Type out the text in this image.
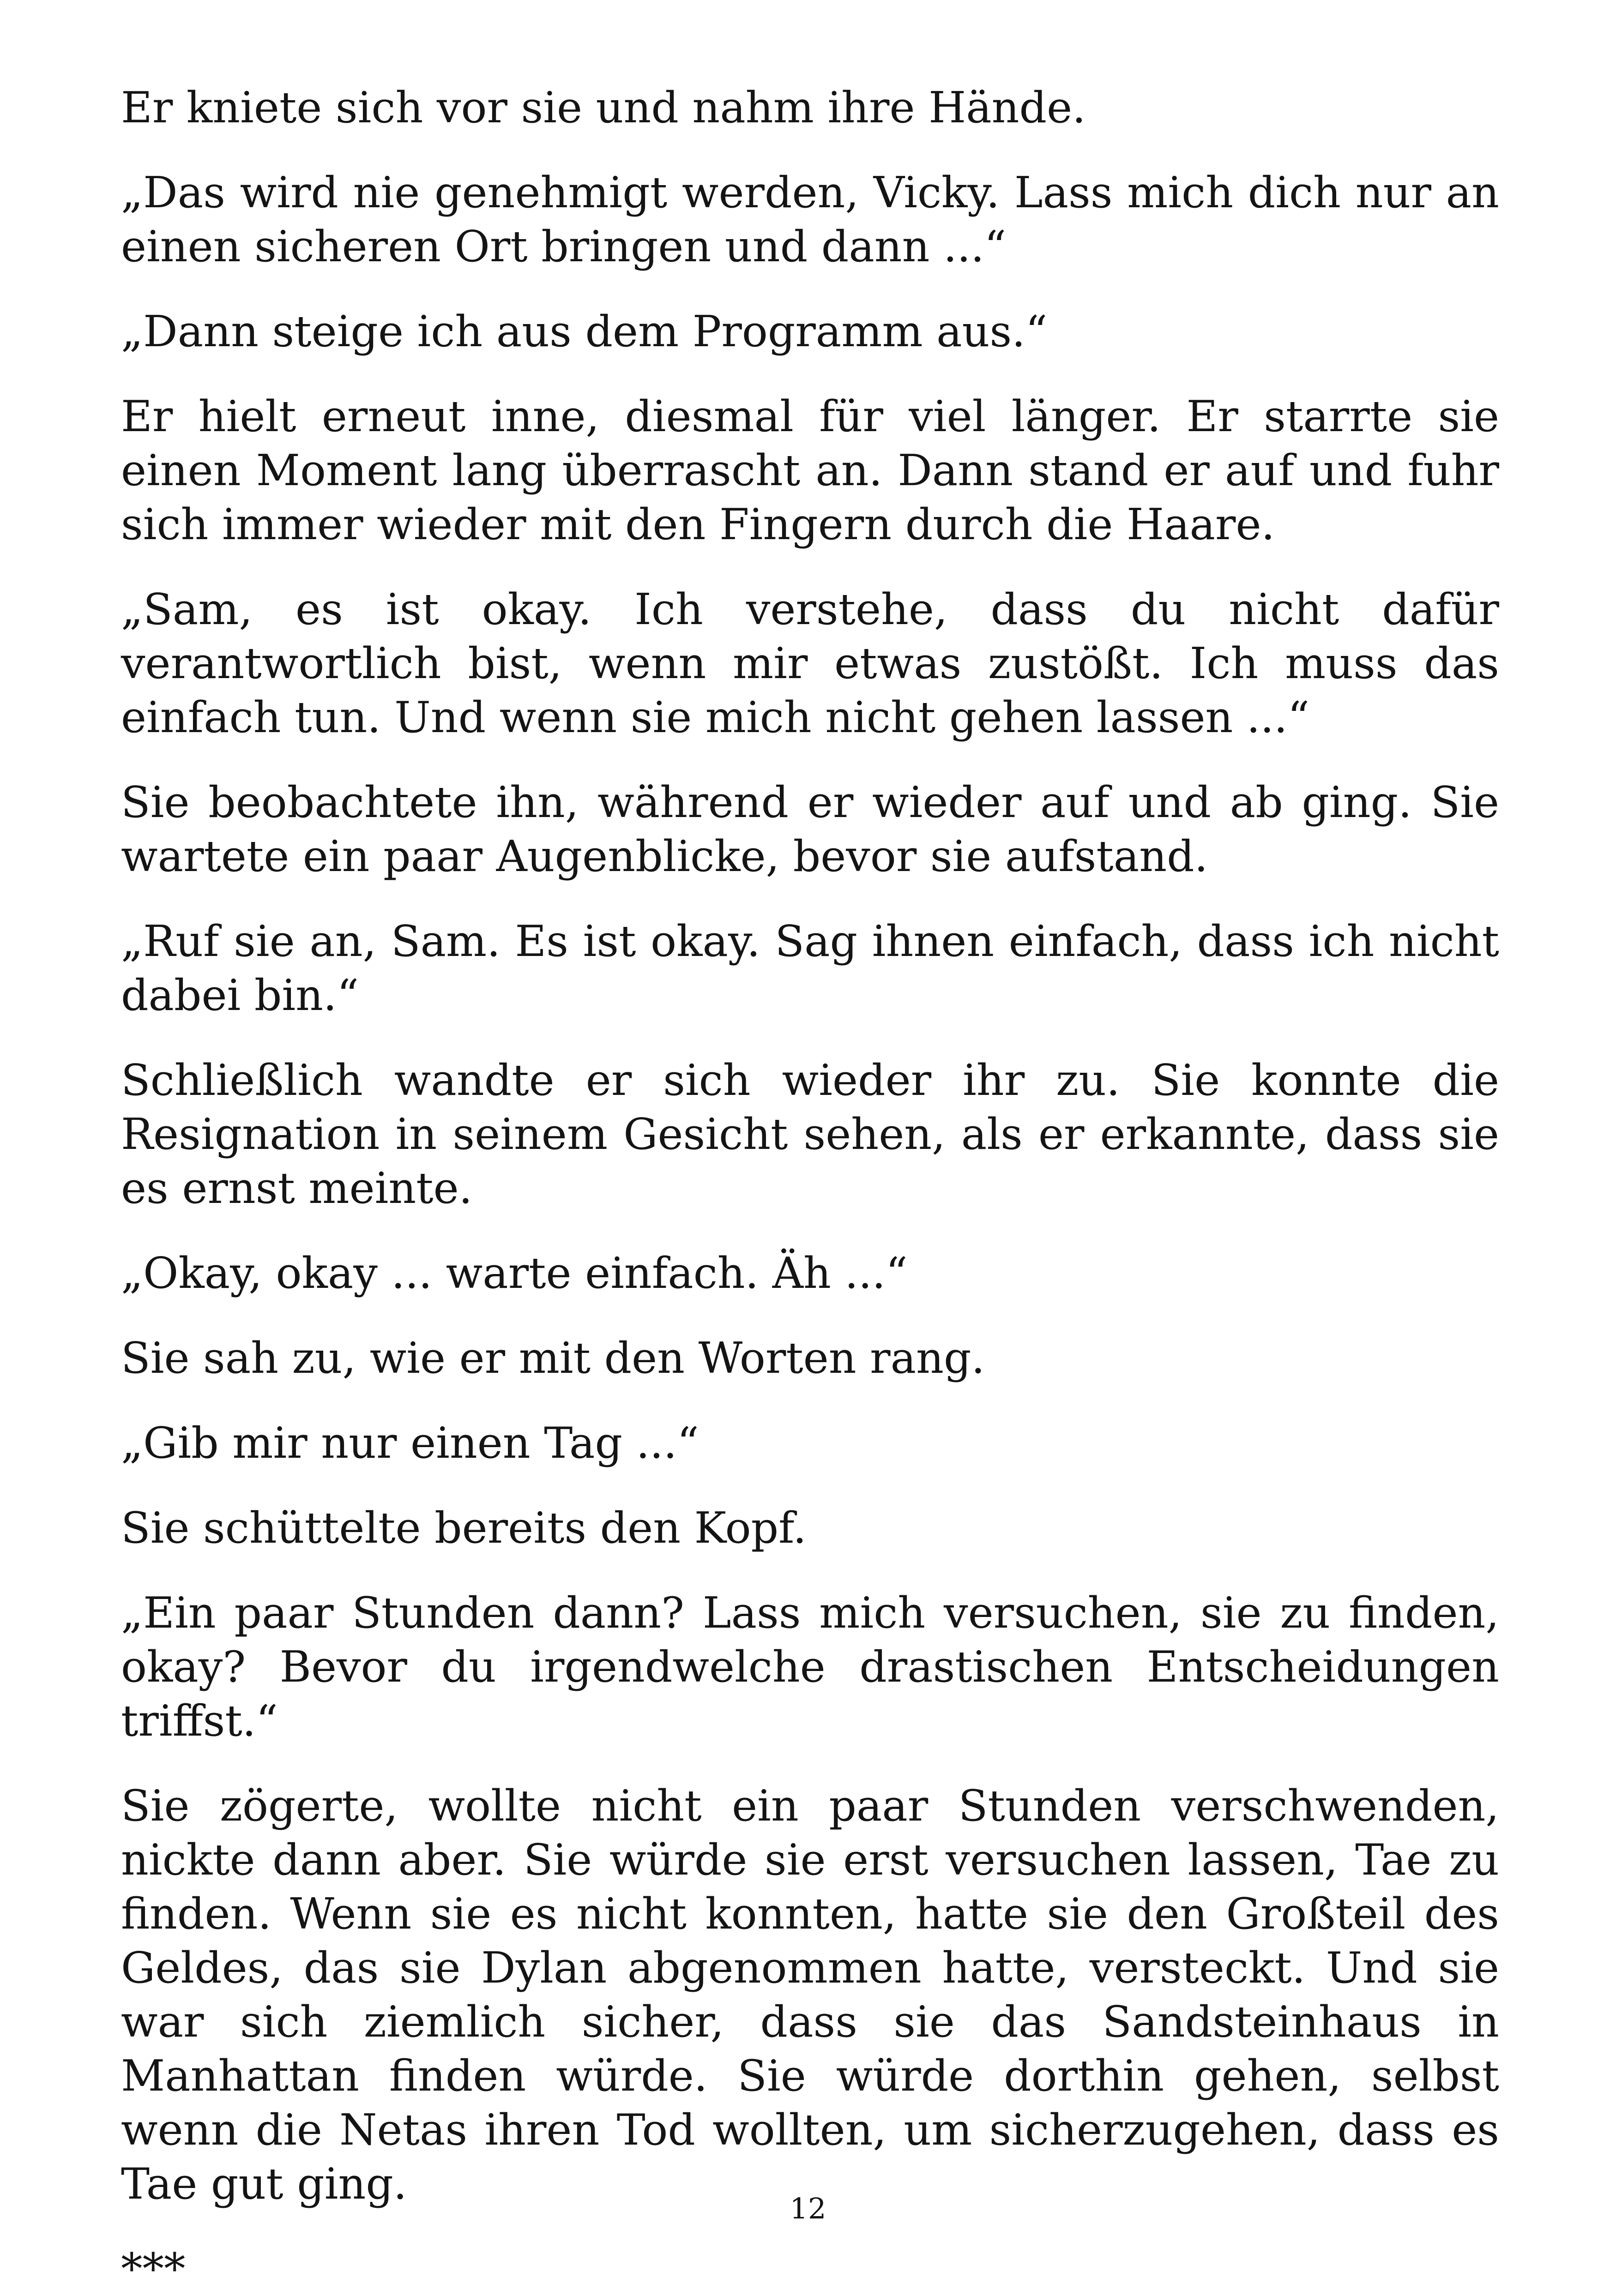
Er kniete sich vor sie und nahm ihre Hände.

„Das wird nie genehmigt werden, Vicky. Lass mich dich nur an einen sicheren Ort bringen und dann ...“

„Dann steige ich aus dem Programm aus.“

Er hielt erneut inne, diesmal für viel länger. Er starrte sie einen Moment lang überrascht an. Dann stand er auf und fuhr sich immer wieder mit den Fingern durch die Haare.

„Sam, es ist okay. Ich verstehe, dass du nicht dafür verantwortlich bist, wenn mir etwas zustößt. Ich muss das einfach tun. Und wenn sie mich nicht gehen lassen ...“

Sie beobachtete ihn, während er wieder auf und ab ging. Sie wartete ein paar Augenblicke, bevor sie aufstand.

„Ruf sie an, Sam. Es ist okay. Sag ihnen einfach, dass ich nicht dabei bin.“

Schließlich wandte er sich wieder ihr zu. Sie konnte die Resignation in seinem Gesicht sehen, als er erkannte, dass sie es ernst meinte.

„Okay, okay ... warte einfach. Äh ...“

Sie sah zu, wie er mit den Worten rang.

„Gib mir nur einen Tag ...“

Sie schüttelte bereits den Kopf.

„Ein paar Stunden dann? Lass mich versuchen, sie zu finden, okay? Bevor du irgendwelche drastischen Entscheidungen triffst.“

Sie zögerte, wollte nicht ein paar Stunden verschwenden, nickte dann aber. Sie würde sie erst versuchen lassen, Tae zu finden. Wenn sie es nicht konnten, hatte sie den Großteil des Geldes, das sie Dylan abgenommen hatte, versteckt. Und sie war sich ziemlich sicher, dass sie das Sandsteinhaus in Manhattan finden würde. Sie würde dorthin gehen, selbst wenn die Netas ihren Tod wollten, um sicherzugehen, dass es Tae gut ging.

***

12
